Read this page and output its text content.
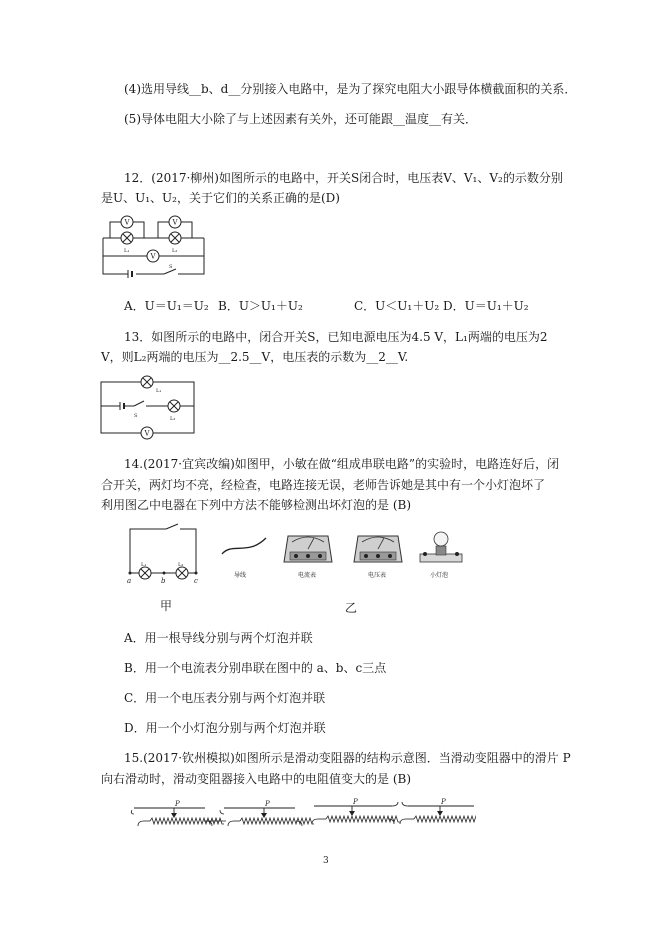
(4)选用导线__b、d__分别接入电路中，是为了探究电阻大小跟导体横截面积的关系．
(5)导体电阻大小除了与上述因素有关外，还可能跟__温度__有关．
12．(2017·柳州)如图所示的电路中，开关S闭合时，电压表V、V₁、V₂的示数分别
是U、U₁、U₂，关于它们的关系正确的是(D)
V	V
V
L₁	L₂
S
A．U＝U₁＝U₂ B．U＞U₁＋U₂	C．U＜U₁＋U₂ D．U＝U₁＋U₂
13．如图所示的电路中，闭合开关S，已知电源电压为4.5 V，L₁两端的电压为2
V，则L₂两端的电压为__2.5__V，电压表的示数为__2__V.
L₁
L₂
S
V
14.(2017·宜宾改编)如图甲，小敏在做“组成串联电路”的实验时，电路连好后，闭
合开关，两灯均不亮，经检查，电路连接无误，老师告诉她是其中有一个小灯泡坏了
利用图乙中电器在下列中方法不能够检测出坏灯泡的是 (B)
a	b	c
L₁	L₂
导线	电流表	电压表	小灯泡
甲	乙
A．用一根导线分别与两个灯泡并联
B．用一个电流表分别串联在图中的 a、b、c三点
C．用一个电压表分别与两个灯泡并联
D．用一个小灯泡分别与两个灯泡并联
15.(2017·钦州模拟)如图所示是滑动变阻器的结构示意图．当滑动变阻器中的滑片 P
向右滑动时，滑动变阻器接入电路中的电阻值变大的是 (B)
P	P	P	P
3
